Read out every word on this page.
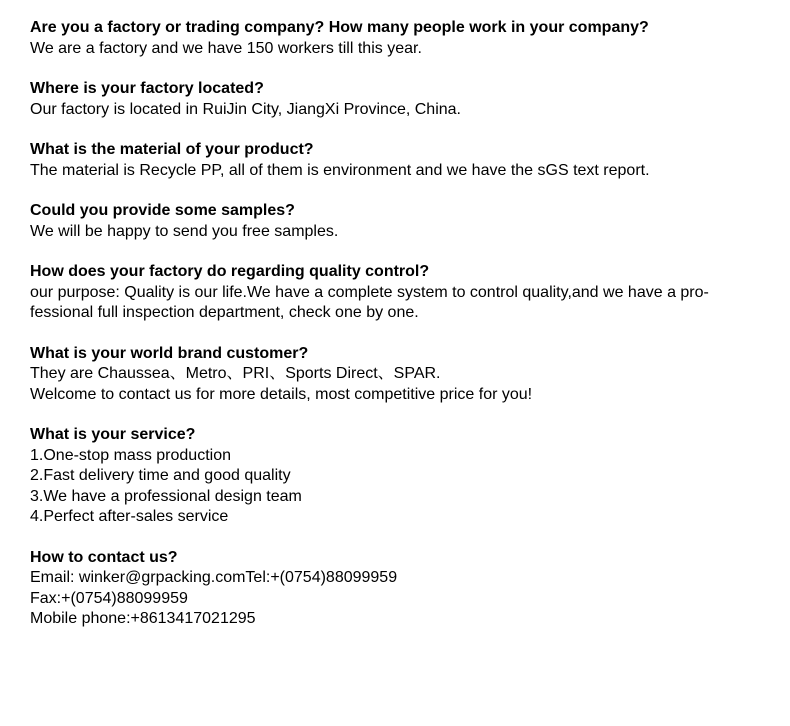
Are you a factory or trading company? How many people work in your company?

We are a factory and we have 150 workers till this year.

Where is your factory located?

Our factory is located in RuiJin City, JiangXi Province, China.

What is the material of your product?

The material is Recycle PP, all of them is environment and we have the sGS text report.

Could you provide some samples?

We will be happy to send you free samples.

How does your factory do regarding quality control?

our purpose: Quality is our life.We have a complete system to control quality,and we have a pro-
fessional full inspection department, check one by one.

What is your world brand customer?

They are Chaussea、Metro、PRI、Sports Direct、SPAR.
Welcome to contact us for more details, most competitive price for you!

What is your service?

1.One-stop mass production
2.Fast delivery time and good quality
3.We have a professional design team
4.Perfect after-sales service

How to contact us?

Email: winker@grpacking.comTel:+(0754)88099959
Fax:+(0754)88099959
Mobile phone:+8613417021295
